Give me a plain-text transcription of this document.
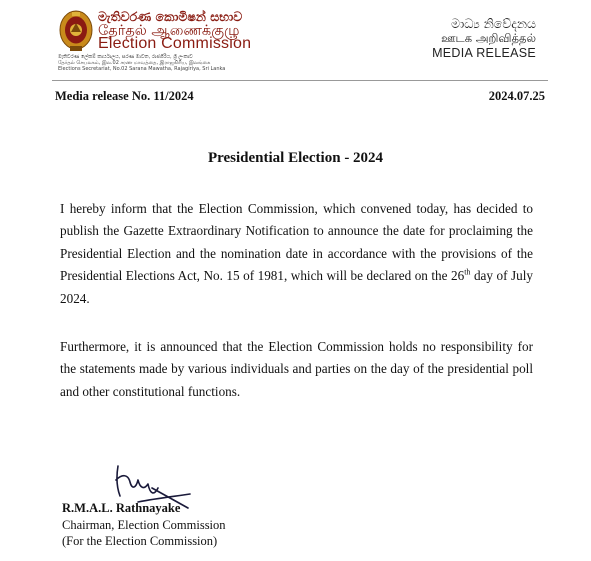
මැතිවරණ කොමිෂන් සභාව
தேர்தல் ஆணைக்குழு
Election Commission
මැතිවරණ ලේකම් කාර්යාලය, සරණ මාවත, රාජගිරිය, ශ්‍රී ලංකාව
தேர்தல் செயலகம், இல.02 சரண மாவத்தை, இராஜகிரிய, இலங்கை
Elections Secretariat, No.02 Sarana Mawatha, Rajagiriya, Sri Lanka
මාධ්‍ය නිවේදනය
ஊடக அறிவித்தல்
MEDIA RELEASE
Media release No. 11/2024	2024.07.25
Presidential Election - 2024

I hereby inform that the Election Commission, which convened today, has decided to publish the Gazette Extraordinary Notification to announce the date for proclaiming the Presidential Election and the nomination date in accordance with the provisions of the Presidential Elections Act, No. 15 of 1981, which will be declared on the 26th day of July 2024.

Furthermore, it is announced that the Election Commission holds no responsibility for the statements made by various individuals and parties on the day of the presidential poll and other constitutional functions.

R.M.A.L. Rathnayake
Chairman, Election Commission
(For the Election Commission)
